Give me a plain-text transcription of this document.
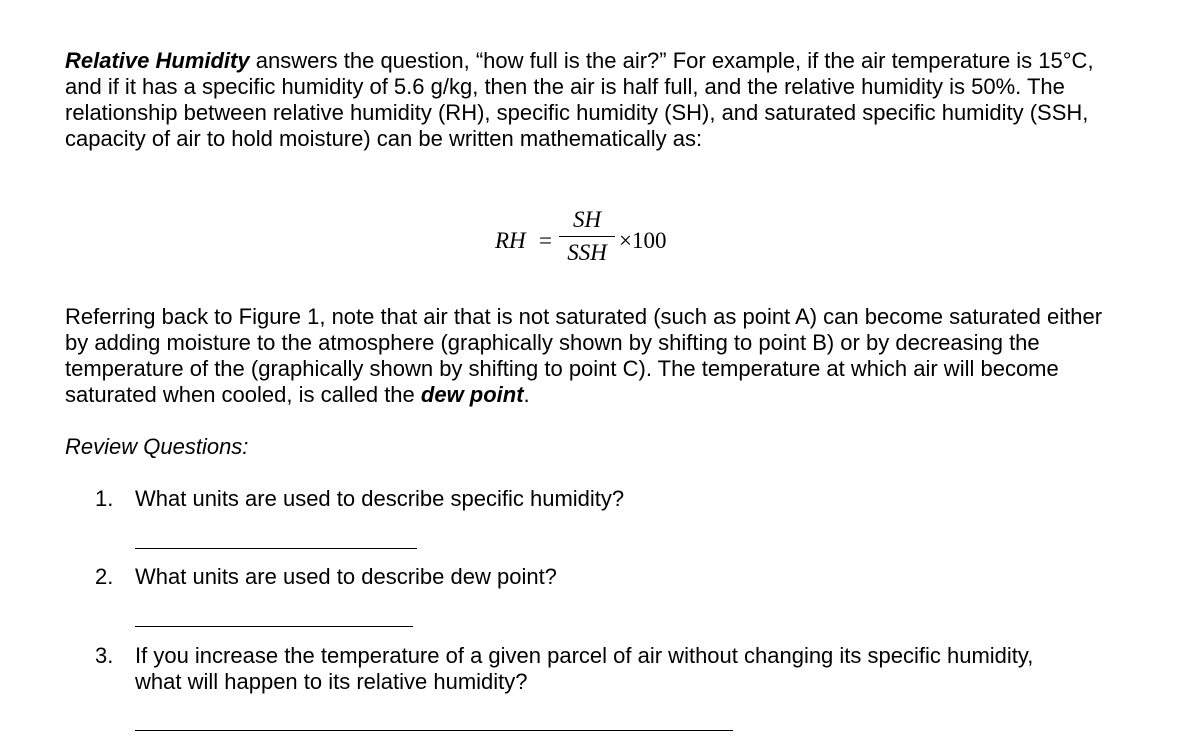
Relative Humidity answers the question, “how full is the air?” For example, if the air temperature is 15°C, and if it has a specific humidity of 5.6 g/kg, then the air is half full, and the relative humidity is 50%. The relationship between relative humidity (RH), specific humidity (SH), and saturated specific humidity (SSH, capacity of air to hold moisture) can be written mathematically as:

RH =
SH
SSH ×100

Referring back to Figure 1, note that air that is not saturated (such as point A) can become saturated either by adding moisture to the atmosphere (graphically shown by shifting to point B) or by decreasing the temperature of the (graphically shown by shifting to point C). The temperature at which air will become saturated when cooled, is called the dew point.

Review Questions:
1. What units are used to describe specific humidity?
2. What units are used to describe dew point?
3. If you increase the temperature of a given parcel of air without changing its specific humidity, what will happen to its relative humidity?
